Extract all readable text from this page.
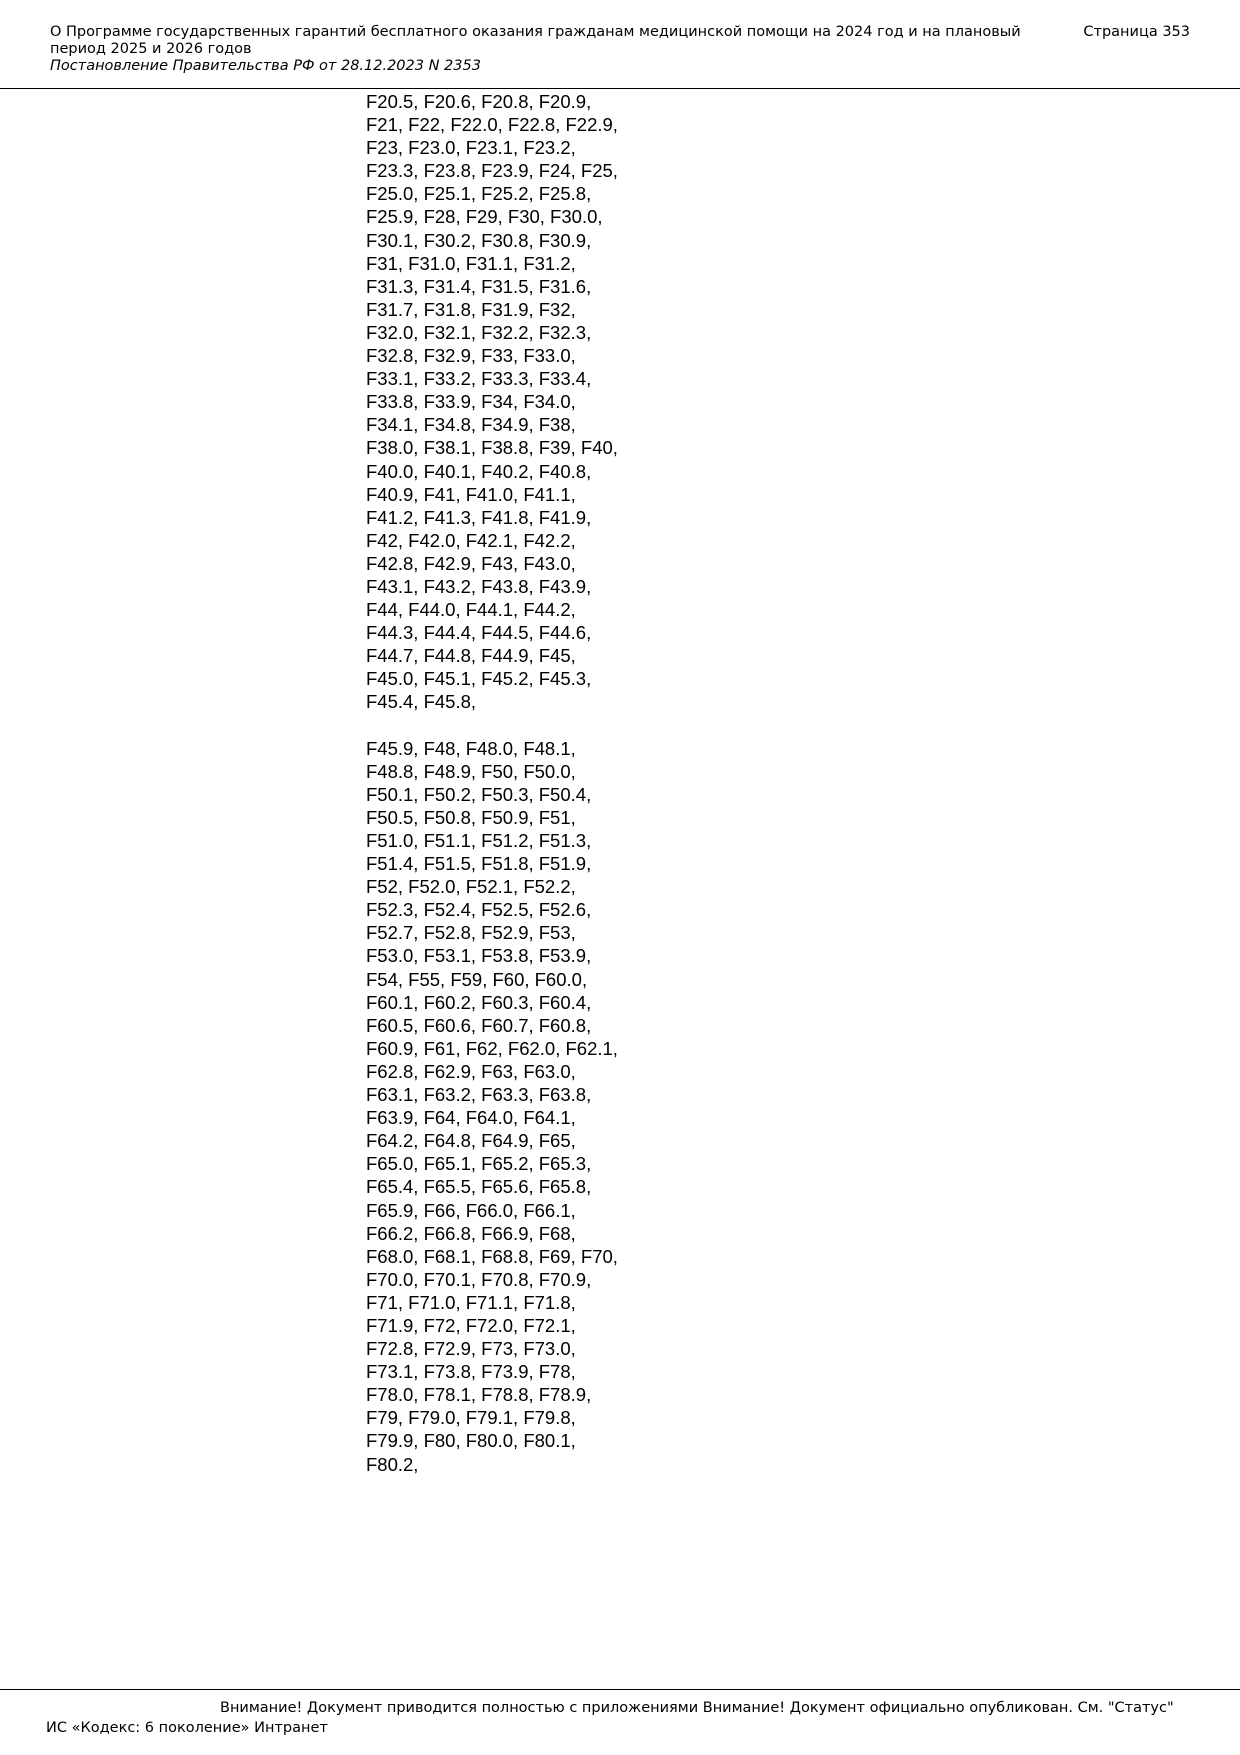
О Программе государственных гарантий бесплатного оказания гражданам медицинской помощи на 2024 год и на плановый период 2025 и 2026 годов
Страница 353
Постановление Правительства РФ от 28.12.2023 N 2353
F20.5, F20.6, F20.8, F20.9,
F21, F22, F22.0, F22.8, F22.9,
F23, F23.0, F23.1, F23.2,
F23.3, F23.8, F23.9, F24, F25,
F25.0, F25.1, F25.2, F25.8,
F25.9, F28, F29, F30, F30.0,
F30.1, F30.2, F30.8, F30.9,
F31, F31.0, F31.1, F31.2,
F31.3, F31.4, F31.5, F31.6,
F31.7, F31.8, F31.9, F32,
F32.0, F32.1, F32.2, F32.3,
F32.8, F32.9, F33, F33.0,
F33.1, F33.2, F33.3, F33.4,
F33.8, F33.9, F34, F34.0,
F34.1, F34.8, F34.9, F38,
F38.0, F38.1, F38.8, F39, F40,
F40.0, F40.1, F40.2, F40.8,
F40.9, F41, F41.0, F41.1,
F41.2, F41.3, F41.8, F41.9,
F42, F42.0, F42.1, F42.2,
F42.8, F42.9, F43, F43.0,
F43.1, F43.2, F43.8, F43.9,
F44, F44.0, F44.1, F44.2,
F44.3, F44.4, F44.5, F44.6,
F44.7, F44.8, F44.9, F45,
F45.0, F45.1, F45.2, F45.3,
F45.4, F45.8,
F45.9, F48, F48.0, F48.1,
F48.8, F48.9, F50, F50.0,
F50.1, F50.2, F50.3, F50.4,
F50.5, F50.8, F50.9, F51,
F51.0, F51.1, F51.2, F51.3,
F51.4, F51.5, F51.8, F51.9,
F52, F52.0, F52.1, F52.2,
F52.3, F52.4, F52.5, F52.6,
F52.7, F52.8, F52.9, F53,
F53.0, F53.1, F53.8, F53.9,
F54, F55, F59, F60, F60.0,
F60.1, F60.2, F60.3, F60.4,
F60.5, F60.6, F60.7, F60.8,
F60.9, F61, F62, F62.0, F62.1,
F62.8, F62.9, F63, F63.0,
F63.1, F63.2, F63.3, F63.8,
F63.9, F64, F64.0, F64.1,
F64.2, F64.8, F64.9, F65,
F65.0, F65.1, F65.2, F65.3,
F65.4, F65.5, F65.6, F65.8,
F65.9, F66, F66.0, F66.1,
F66.2, F66.8, F66.9, F68,
F68.0, F68.1, F68.8, F69, F70,
F70.0, F70.1, F70.8, F70.9,
F71, F71.0, F71.1, F71.8,
F71.9, F72, F72.0, F72.1,
F72.8, F72.9, F73, F73.0,
F73.1, F73.8, F73.9, F78,
F78.0, F78.1, F78.8, F78.9,
F79, F79.0, F79.1, F79.8,
F79.9, F80, F80.0, F80.1,
F80.2,
Внимание! Документ приводится полностью с приложениями Внимание! Документ официально опубликован. См. "Статус"
ИС «Кодекс: 6 поколение» Интранет
